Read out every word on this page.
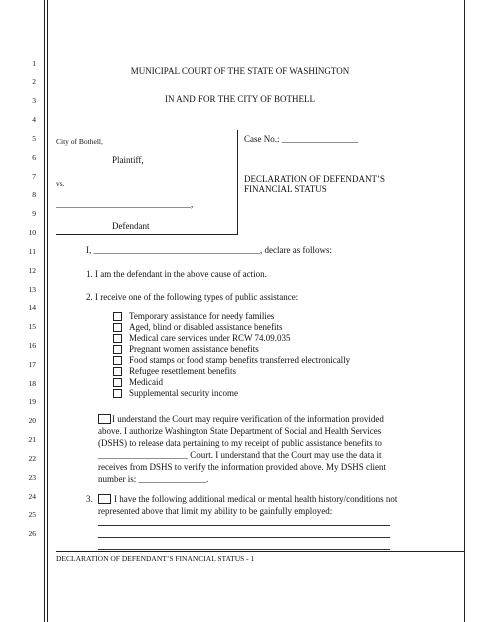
1
2
3
4
5
6
7
8
9
10
11
12
13
14
15
16
17
18
19
20
21
22
23
24
25
26
MUNICIPAL COURT OF THE STATE OF WASHINGTON
IN AND FOR THE CITY OF BOTHELL
City of Bothell,
Plaintiff,
vs.
______________________________,
Defendant
Case No.: _________________
DECLARATION OF DEFENDANT’S
FINANCIAL STATUS
I, _____________________________________, declare as follows:
1. I am the defendant in the above cause of action.
2. I receive one of the following types of public assistance:
Temporary assistance for needy families
Aged, blind or disabled assistance benefits
Medical care services under RCW 74.09.035
Pregnant women assistance benefits
Food stamps or food stamp benefits transferred electronically
Refugee resettlement benefits
Medicaid
Supplemental security income
I understand the Court may require verification of the information provided
above. I authorize Washington State Department of Social and Health Services
(DSHS) to release data pertaining to my receipt of public assistance benefits to
____________________ Court. I understand that the Court may use the data it
receives from DSHS to verify the information provided above. My DSHS client
number is: _______________.
3. I have the following additional medical or mental health history/conditions not
represented above that limit my ability to be gainfully employed:
DECLARATION OF DEFENDANT’S FINANCIAL STATUS - 1
